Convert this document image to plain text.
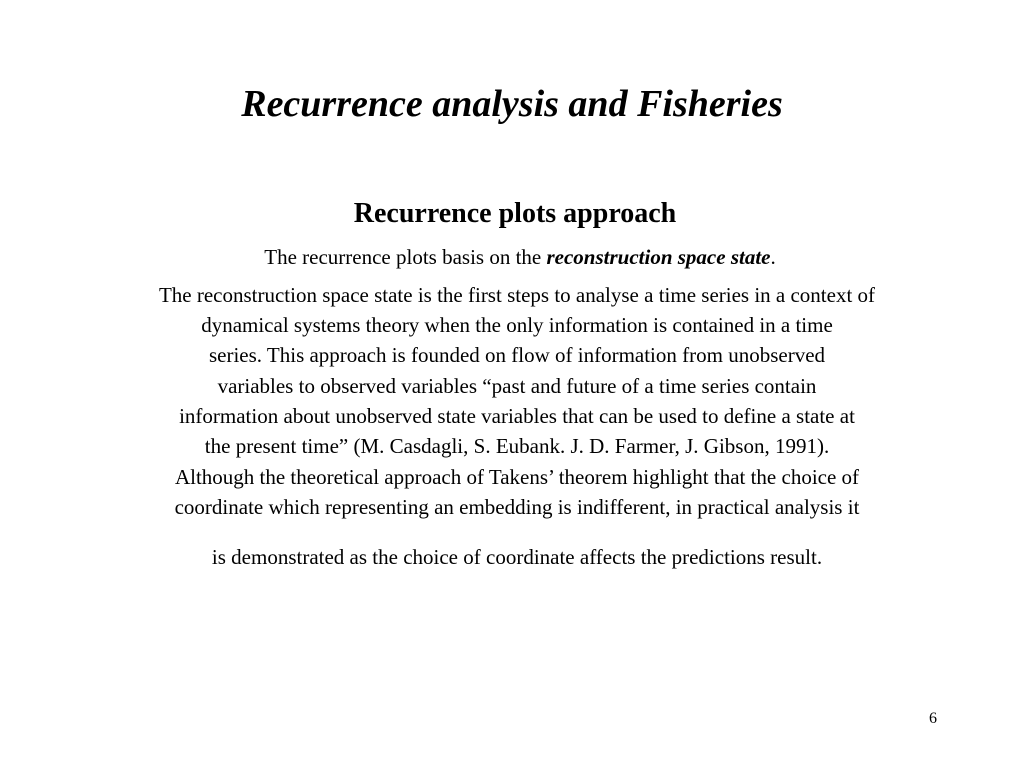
Recurrence analysis and Fisheries
Recurrence plots approach
The recurrence plots basis on the reconstruction space state.
The reconstruction space state is the first steps to analyse a time series in a context of
dynamical systems theory when the only information is contained in a time
series. This approach is founded on flow of information from unobserved
variables to observed variables “past and future of a time series contain
information about unobserved state variables that can be used to define a state at
the present time” (M. Casdagli, S. Eubank. J. D. Farmer, J. Gibson, 1991).
Although the theoretical approach of Takens’ theorem highlight that the choice of
coordinate which representing an embedding is indifferent, in practical analysis it
is demonstrated as the choice of coordinate affects the predictions result.
6
